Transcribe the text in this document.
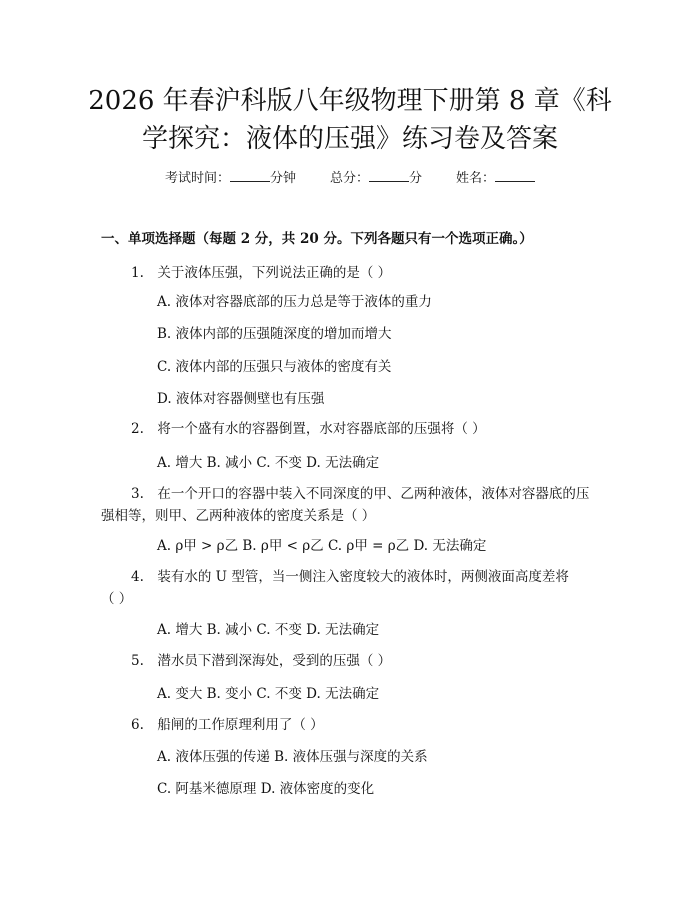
2026 年春沪科版八年级物理下册第 8 章《科
学探究：液体的压强》练习卷及答案
考试时间：	分钟	总分：	分	姓名：
一、单项选择题（每题 2 分，共 20 分。下列各题只有一个选项正确。）
1.　关于液体压强，下列说法正确的是（ ）
A. 液体对容器底部的压力总是等于液体的重力
B. 液体内部的压强随深度的增加而增大
C. 液体内部的压强只与液体的密度有关
D. 液体对容器侧壁也有压强
2.　将一个盛有水的容器倒置，水对容器底部的压强将（ ）
A. 增大 B. 减小 C. 不变 D. 无法确定
3.　在一个开口的容器中装入不同深度的甲、乙两种液体，液体对容器底的压
强相等，则甲、乙两种液体的密度关系是（ ）
A. ρ甲 > ρ乙 B. ρ甲 < ρ乙 C. ρ甲 = ρ乙 D. 无法确定
4.　装有水的 U 型管，当一侧注入密度较大的液体时，两侧液面高度差将
（ ）
A. 增大 B. 减小 C. 不变 D. 无法确定
5.　潜水员下潜到深海处，受到的压强（ ）
A. 变大 B. 变小 C. 不变 D. 无法确定
6.　船闸的工作原理利用了（ ）
A. 液体压强的传递 B. 液体压强与深度的关系
C. 阿基米德原理 D. 液体密度的变化
